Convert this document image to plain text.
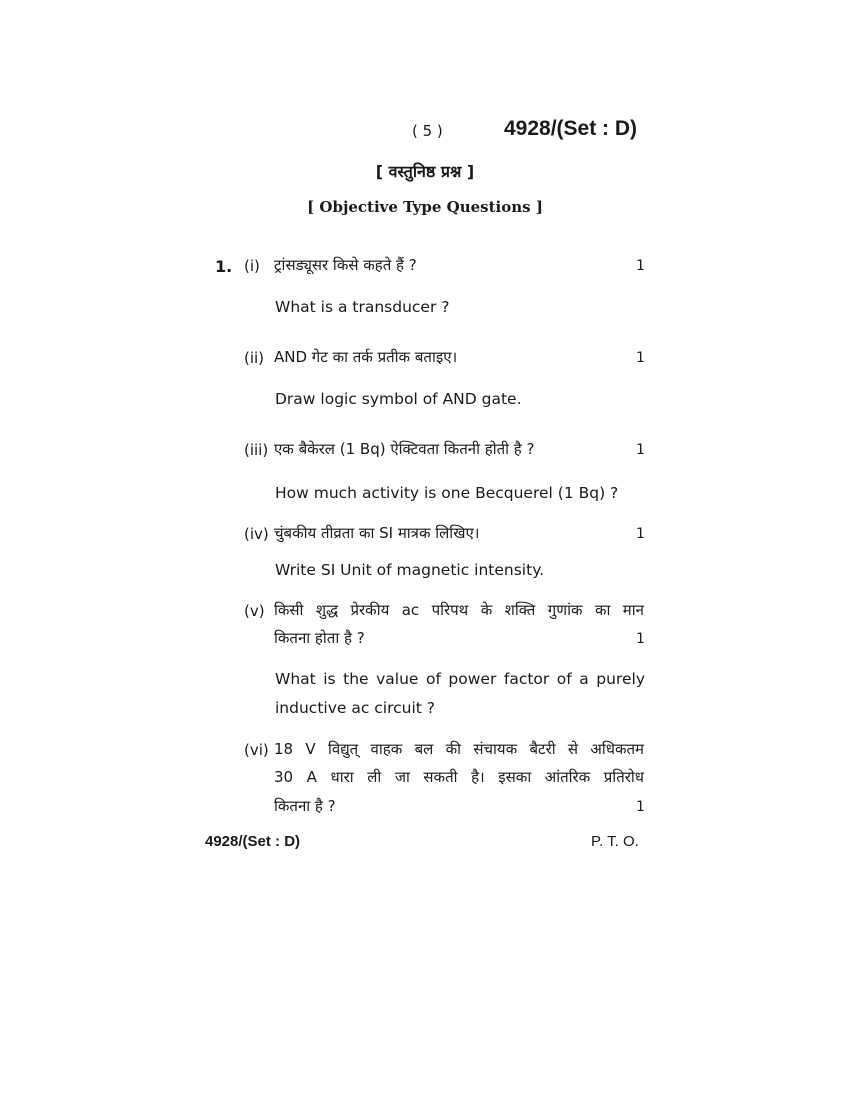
( 5 )	4928/(Set : D)
[ वस्तुनिष्ठ प्रश्न ]
[ Objective Type Questions ]
1. (i) ट्रांसड्यूसर किसे कहते हैं ?	1
What is a transducer ?
(ii) AND गेट का तर्क प्रतीक बताइए।	1
Draw logic symbol of AND gate.
(iii) एक बैकेरल (1 Bq) ऐक्टिवता कितनी होती है ?	1
How much activity is one Becquerel (1 Bq) ?
(iv) चुंबकीय तीव्रता का SI मात्रक लिखिए।	1
Write SI Unit of magnetic intensity.
(v) किसी शुद्ध प्रेरकीय ac परिपथ के शक्ति गुणांक का मान
कितना होता है ?	1
What is the value of power factor of a purely
inductive ac circuit ?
(vi) 18 V विद्युत् वाहक बल की संचायक बैटरी से अधिकतम
30 A धारा ली जा सकती है। इसका आंतरिक प्रतिरोध
कितना है ?	1
4928/(Set : D)	P. T. O.
